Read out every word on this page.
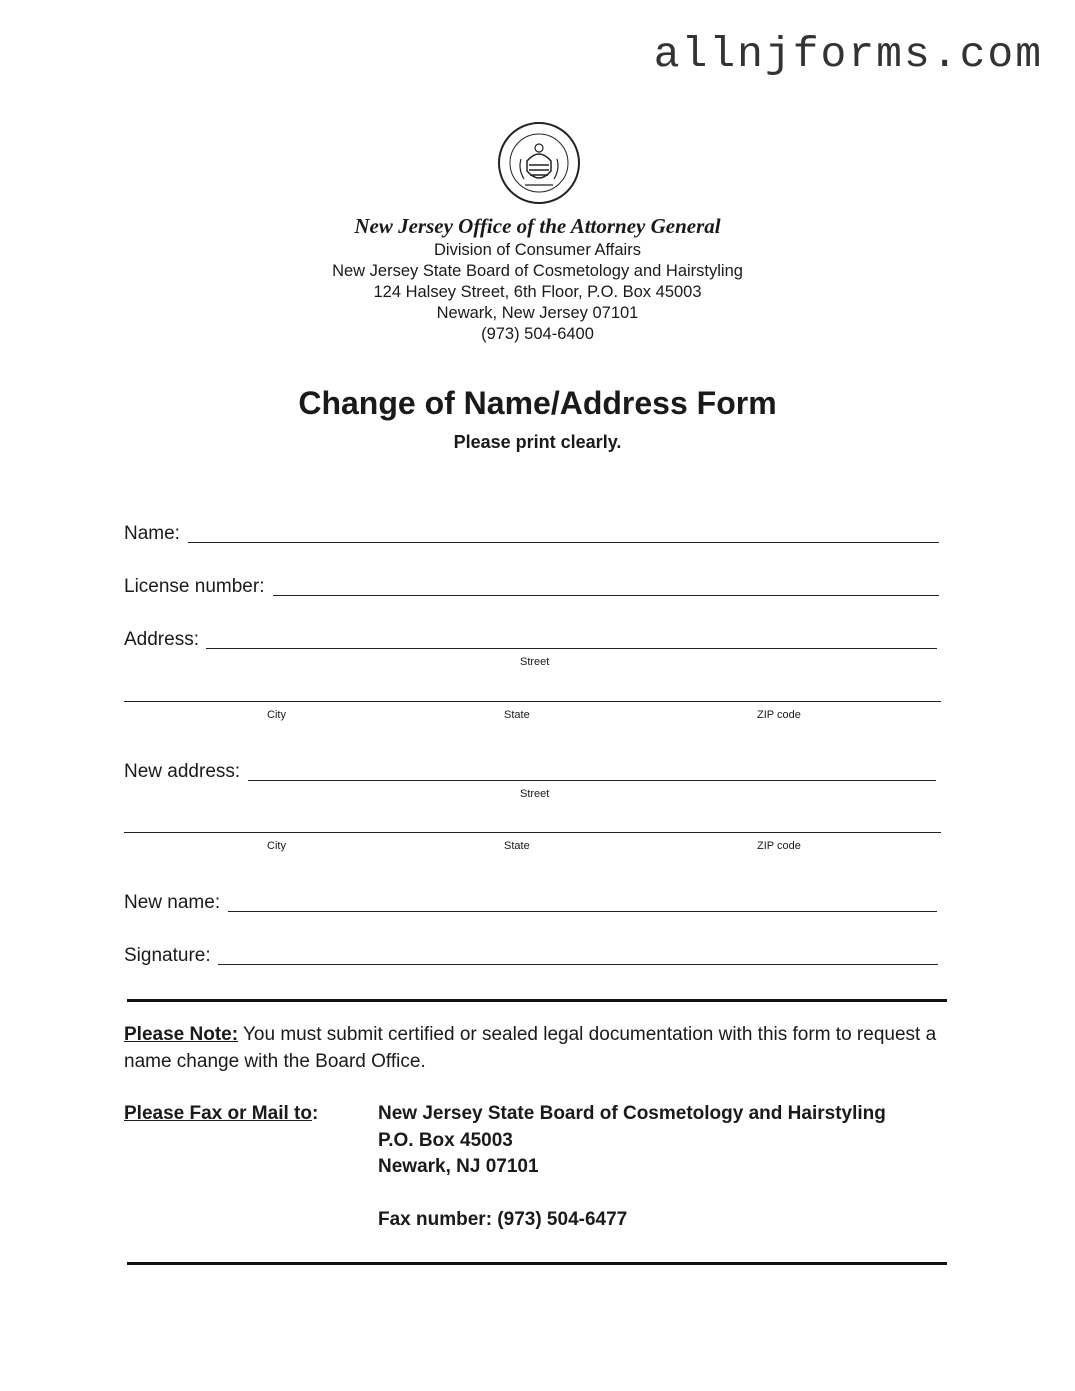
allnjforms.com
New Jersey Office of the Attorney General
Division of Consumer Affairs
New Jersey State Board of Cosmetology and Hairstyling
124 Halsey Street, 6th Floor, P.O. Box 45003
Newark, New Jersey 07101
(973) 504-6400
Change of Name/Address Form
Please print clearly.
Name:
License number:
Address:
Street
City	State	ZIP code
New address:
Street
City	State	ZIP code
New name:
Signature:
Please Note: You must submit certified or sealed legal documentation with this form to request a name change with the Board Office.
Please Fax or Mail to:	New Jersey State Board of Cosmetology and Hairstyling
P.O. Box 45003
Newark, NJ 07101
Fax number: (973) 504-6477
